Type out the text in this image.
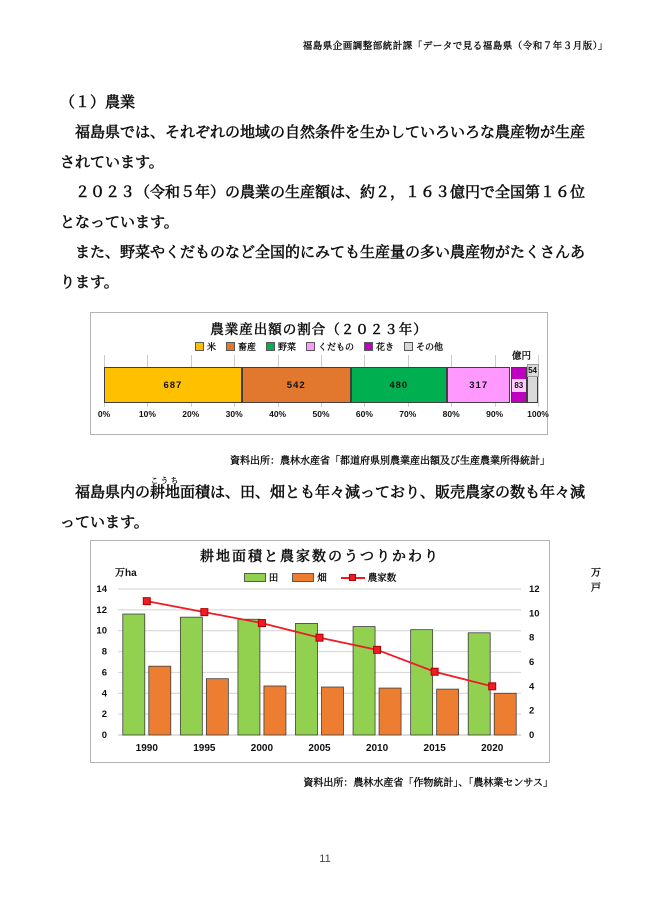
福島県企画調整部統計課「データで見る福島県（令和７年３月版）」

（１）農業

　福島県では、それぞれの地域の自然条件を生かしていろいろな農産物が生産されています。

　２０２３（令和５年）の農業の生産額は、約２，１６３億円で全国第１６位となっています。

　また、野菜やくだものなど全国的にみても生産量の多い農産物がたくさんあります。

農業産出額の割合（２０２３年）
米 畜産 野菜 くだもの 花き その他
億円
687	542	480	317	83
54
0%	10%	20%	30%	40%	50%	60%	70%	80%	90%	100%
資料出所：農林水産省「都道府県別農業産出額及び生産農業所得統計」

　福島県内の耕地こうち面積は、田、畑とも年々減っており、販売農家の数も年々減っています。

耕地面積と農家数のうつりかわり
田	畑	農家数
万ha	万戸
0
2
4
6
8
10
12
14
0
2
4
6
8
10
12
1990	1995	2000	2005	2010	2015	2020
資料出所：農林水産省「作物統計」、「農林業センサス」
11
